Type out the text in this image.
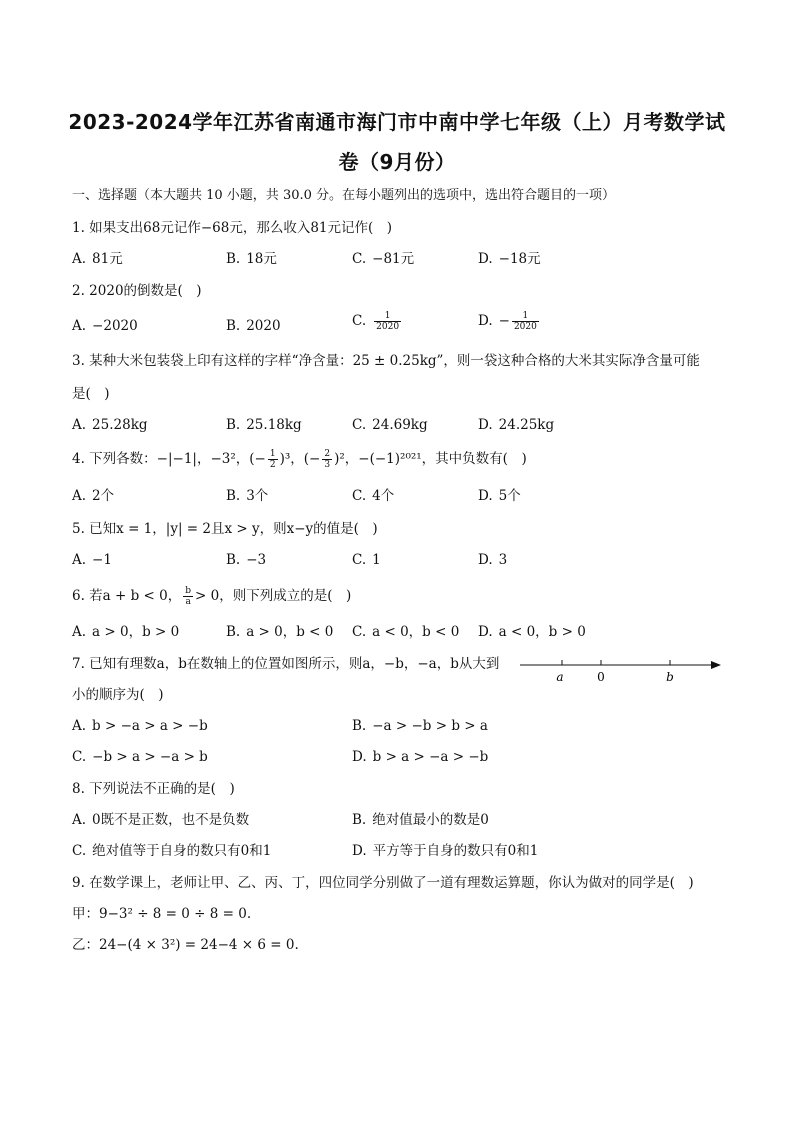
2023-2024学年江苏省南通市海门市中南中学七年级（上）月考数学试
卷（9月份）
一、选择题（本大题共 10 小题，共 30.0 分。在每小题列出的选项中，选出符合题目的一项）
1. 如果支出68元记作−68元，那么收入81元记作(　)
A. 81元	B. 18元	C. −81元	D. −18元
2. 2020的倒数是(　)
A. −2020	B. 2020	C. $\frac{1}{2020}$	D. − $\frac{1}{2020}$
3. 某种大米包装袋上印有这样的字样“净含量：25 ± 0.25kg”，则一袋这种合格的大米其实际净含量可能
是(　)
A. 25.28kg	B. 25.18kg	C. 24.69kg	D. 24.25kg
4. 下列各数：−|−1|，−3²，(− $\frac{1}{2} )^3$，(− $\frac{2}{3} )^2$，−(−1)²⁰²¹，其中负数有(　)
A. 2个	B. 3个	C. 4个	D. 5个
5. 已知x = 1，|y| = 2且x > y，则x−y的值是(　)
A. −1	B. −3	C. 1	D. 3
6. 若a + b < 0， $\frac{b}{a} > 0$，则下列成立的是(　)
A. a > 0，b > 0	B. a > 0，b < 0 C. a < 0，b < 0 D. a < 0，b > 0
7. 已知有理数a，b在数轴上的位置如图所示，则a，−b，−a，b从大到
小的顺序为(　)
a	0	b
A. b > −a > a > −b	B. −a > −b > b > a
C. −b > a > −a > b	D. b > a > −a > −b
8. 下列说法不正确的是(　)
A. 0既不是正数，也不是负数	B. 绝对值最小的数是0
C. 绝对值等于自身的数只有0和1	D. 平方等于自身的数只有0和1
9. 在数学课上，老师让甲、乙、丙、丁，四位同学分别做了一道有理数运算题，你认为做对的同学是(　)
甲：9−3² ÷ 8 = 0 ÷ 8 = 0.
乙：24−(4 × 3²) = 24−4 × 6 = 0.
